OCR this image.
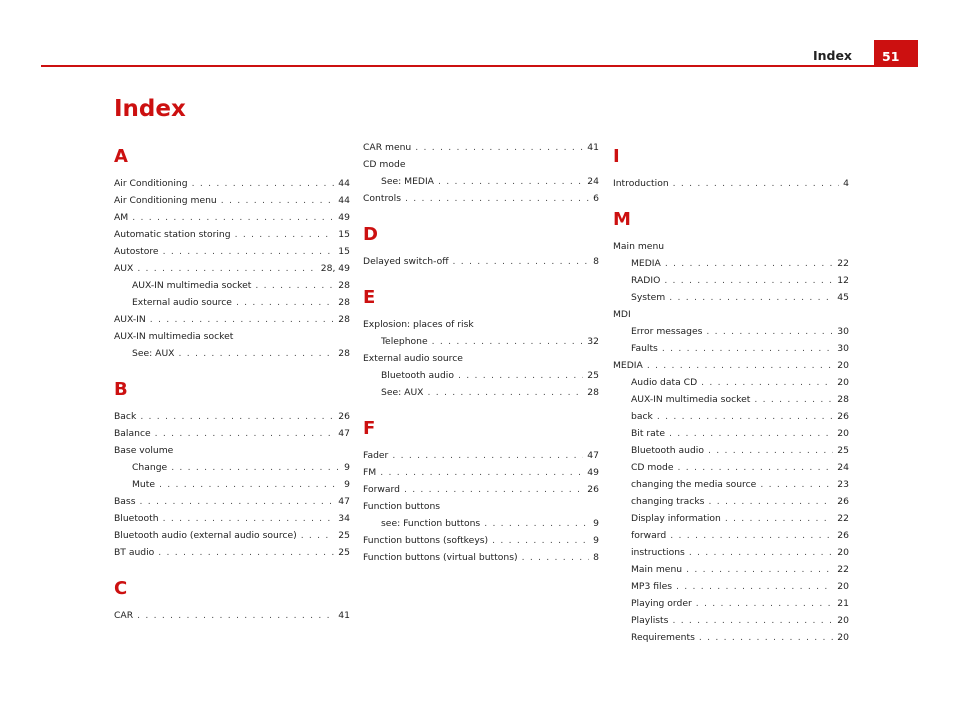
Index	51
Index
A
Air Conditioning . . .	44
Air Conditioning menu . . .	44
AM . . .	49
Automatic station storing . . .	15
Autostore . . .	15
AUX . . .	28, 49
AUX-IN multimedia socket . . .	28
External audio source . . .	28
AUX-IN . . .	28
AUX-IN multimedia socket
See: AUX . . .	28
B
Back . . .	26
Balance . . .	47
Base volume
Change . . .	9
Mute . . .	9
Bass . . .	47
Bluetooth . . .	34
Bluetooth audio (external audio source) . . .	25
BT audio . . .	25
C
CAR . . .	41
CAR menu . . .	41
CD mode
See: MEDIA . . .	24
Controls . . .	6
D
Delayed switch-off . . .	8
E
Explosion: places of risk
Telephone . . .	32
External audio source
Bluetooth audio . . .	25
See: AUX . . .	28
F
Fader . . .	47
FM . . .	49
Forward . . .	26
Function buttons
see: Function buttons . . .	9
Function buttons (softkeys) . . .	9
Function buttons (virtual buttons) . . .	8
I
Introduction . . .	4
M
Main menu
MEDIA . . .	22
RADIO . . .	12
System . . .	45
MDI
Error messages . . .	30
Faults . . .	30
MEDIA . . .	20
Audio data CD . . .	20
AUX-IN multimedia socket . . .	28
back . . .	26
Bit rate . . .	20
Bluetooth audio . . .	25
CD mode . . .	24
changing the media source . . .	23
changing tracks . . .	26
Display information . . .	22
forward . . .	26
instructions . . .	20
Main menu . . .	22
MP3 files . . .	20
Playing order . . .	21
Playlists . . .	20
Requirements . . .	20
